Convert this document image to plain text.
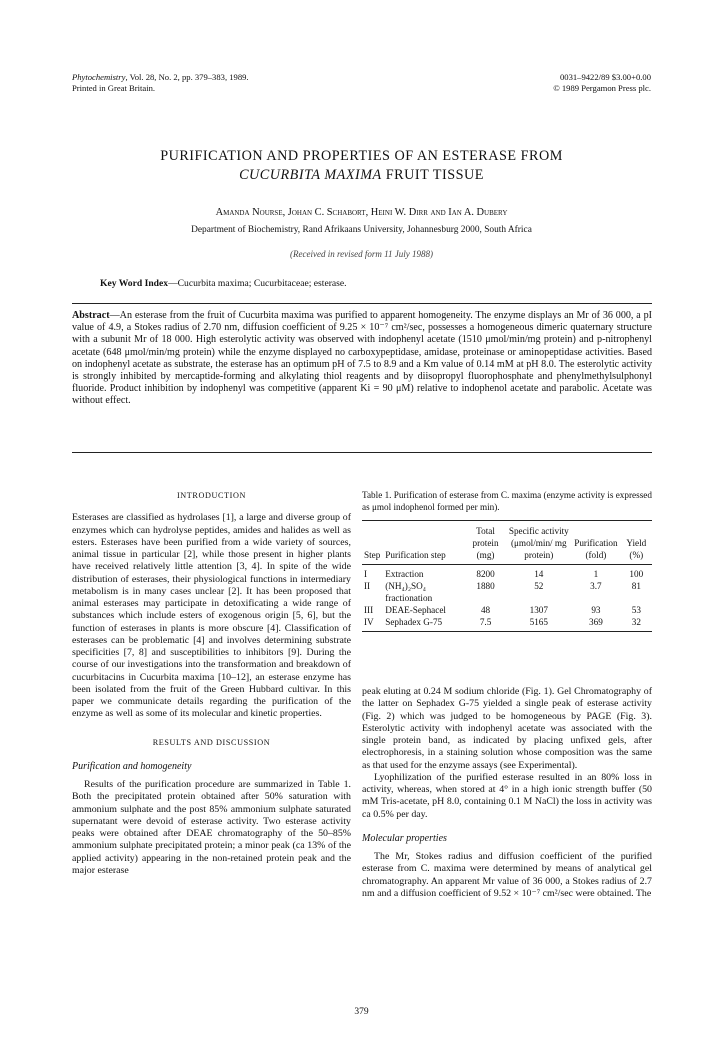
Phytochemistry, Vol. 28, No. 2, pp. 379–383, 1989.
Printed in Great Britain.
0031–9422/89 $3.00+0.00
© 1989 Pergamon Press plc.
PURIFICATION AND PROPERTIES OF AN ESTERASE FROM
CUCURBITA MAXIMA FRUIT TISSUE
Amanda Nourse, Johan C. Schabort, Heini W. Dirr and Ian A. Dubery
Department of Biochemistry, Rand Afrikaans University, Johannesburg 2000, South Africa
(Received in revised form 11 July 1988)
Key Word Index—Cucurbita maxima; Cucurbitaceae; esterase.
Abstract—An esterase from the fruit of Cucurbita maxima was purified to apparent homogeneity. The enzyme displays an Mr of 36 000, a pI value of 4.9, a Stokes radius of 2.70 nm, diffusion coefficient of 9.25 × 10⁻⁷ cm²/sec, possesses a homogeneous dimeric quaternary structure with a subunit Mr of 18 000. High esterolytic activity was observed with indophenyl acetate (1510 μmol/min/mg protein) and p-nitrophenyl acetate (648 μmol/min/mg protein) while the enzyme displayed no carboxypeptidase, amidase, proteinase or aminopeptidase activities. Based on indophenyl acetate as substrate, the esterase has an optimum pH of 7.5 to 8.9 and a Km value of 0.14 mM at pH 8.0. The esterolytic activity is strongly inhibited by mercaptide-forming and alkylating thiol reagents and by diisopropyl fluorophosphate and phenylmethylsulphonyl fluoride. Product inhibition by indophenyl was competitive (apparent Ki = 90 μM) relative to indophenol acetate and parabolic. Acetate was without effect.
INTRODUCTION
Esterases are classified as hydrolases [1], a large and diverse group of enzymes which can hydrolyse peptides, amides and halides as well as esters. Esterases have been purified from a wide variety of sources, animal tissue in particular [2], while those present in higher plants have received relatively little attention [3, 4]. In spite of the wide distribution of esterases, their physiological functions in intermediary metabolism is in many cases unclear [2]. It has been proposed that animal esterases may participate in detoxificating a wide range of substances which include esters of exogenous origin [5, 6], but the function of esterases in plants is more obscure [4]. Classification of esterases can be problematic [4] and involves determining substrate specificities [7, 8] and susceptibilities to inhibitors [9]. During the course of our investigations into the transformation and breakdown of cucurbitacins in Cucurbita maxima [10–12], an esterase enzyme has been isolated from the fruit of the Green Hubbard cultivar. In this paper we communicate details regarding the purification of the enzyme as well as some of its molecular and kinetic properties.
RESULTS AND DISCUSSION
Purification and homogeneity
Results of the purification procedure are summarized in Table 1. Both the precipitated protein obtained after 50% saturation with ammonium sulphate and the post 85% ammonium sulphate saturated supernatant were devoid of esterase activity. Two esterase activity peaks were obtained after DEAE chromatography of the 50–85% ammonium sulphate precipitated protein; a minor peak (ca 13% of the applied activity) appearing in the non-retained protein peak and the major esterase
Table 1. Purification of esterase from C. maxima (enzyme activity is expressed as μmol indophenol formed per min).
Step	Purification step	Total protein (mg)	Specific activity (μmol/min/ mg protein)	Purification (fold)	Yield (%)

I	Extraction	8200	14	1	100
II	(NH₄)₂SO₄ fractionation	1880	52	3.7	81
III	DEAE-Sephacel	48	1307	93	53
IV	Sephadex G-75	7.5	5165	369	32

peak eluting at 0.24 M sodium chloride (Fig. 1). Gel Chromatography of the latter on Sephadex G-75 yielded a single peak of esterase activity (Fig. 2) which was judged to be homogeneous by PAGE (Fig. 3). Esterolytic activity with indophenyl acetate was associated with the single protein band, as indicated by placing unfixed gels, after electrophoresis, in a staining solution whose composition was the same as that used for the enzyme assays (see Experimental).
Lyophilization of the purified esterase resulted in an 80% loss in activity, whereas, when stored at 4° in a high ionic strength buffer (50 mM Tris-acetate, pH 8.0, containing 0.1 M NaCl) the loss in activity was ca 0.5% per day.
Molecular properties
The Mr, Stokes radius and diffusion coefficient of the purified esterase from C. maxima were determined by means of analytical gel chromatography. An apparent Mr value of 36 000, a Stokes radius of 2.7 nm and a diffusion coefficient of 9.52 × 10⁻⁷ cm²/sec were obtained. The
379
